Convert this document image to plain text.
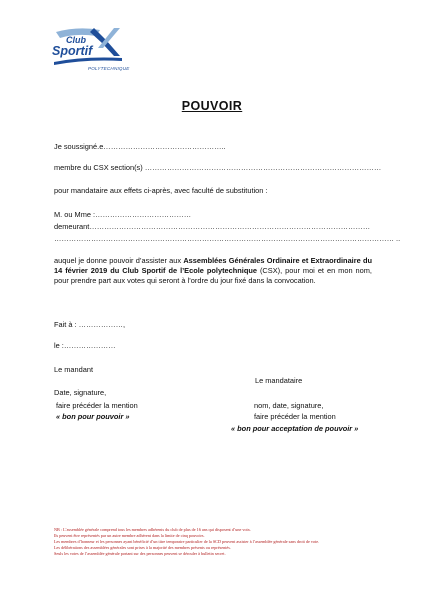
Club
Sportif
POLYTECHNIQUE
POUVOIR
Je soussigné.e…………………………………………..
membre du CSX section(s) ……………………………………………………………………………………
pour mandataire aux effets ci-après, avec faculté de substitution :
M. ou Mme :…………………………………
demeurant……………………………………………………………………………………………………
………………………………………………………………………………………………………………………… ..
auquel je donne pouvoir d’assister aux Assemblées Générales Ordinaire et Extraordinaire du 14 février 2019 du Club Sportif de l’Ecole polytechnique (CSX), pour moi et en mon nom, pour prendre part aux votes qui seront à l’ordre du jour fixé dans la convocation.
Fait à : ………………,
le :…………………
Le mandant
Le mandataire
Date, signature,
faire précéder la mention
« bon pour pouvoir »
nom, date, signature,
faire précéder la mention
« bon pour acceptation de pouvoir »
NB : L’assemblée générale comprend tous les membres adhérents du club de plus de 16 ans qui disposent d’une voix.
Ils peuvent être représentés par un autre membre adhérent dans la limite de cinq pouvoirs.
Les membres d’honneur et les personnes ayant bénéficié d’un titre temporaire particulier de la SCD peuvent assister à l’assemblée générale sans droit de vote.
Les délibérations des assemblées générales sont prises à la majorité des membres présents ou représentés.
Seuls les votes de l’assemblée générale portant sur des personnes peuvent se dérouler à bulletin secret.
